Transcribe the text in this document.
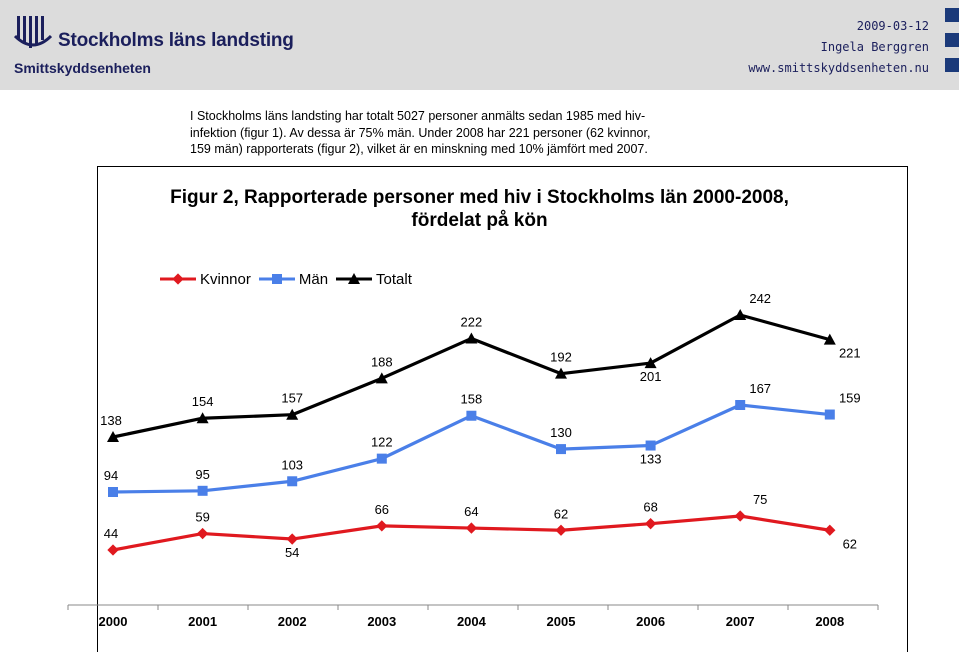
Stockholms läns landsting
Smittskyddsenheten
2009-03-12
Ingela Berggren
www.smittskyddsenheten.nu
I Stockholms läns landsting har totalt 5027 personer anmälts sedan 1985 med hiv-
infektion (figur 1). Av dessa är 75% män. Under 2008 har 221 personer (62 kvinnor,
159 män) rapporterats (figur 2), vilket är en minskning med 10% jämfört med 2007.
Figur 2, Rapporterade personer med hiv i Stockholms län 2000-2008,
fördelat på kön
Kvinnor	Män	Totalt
2000	2001	2002	2003	2004	2005	2006	2007	2008
44
59
54
66	64	62	68
75
62
94	95
103
122
158
130
133
167
159
138
154	157
188
222
192
201
242
221
